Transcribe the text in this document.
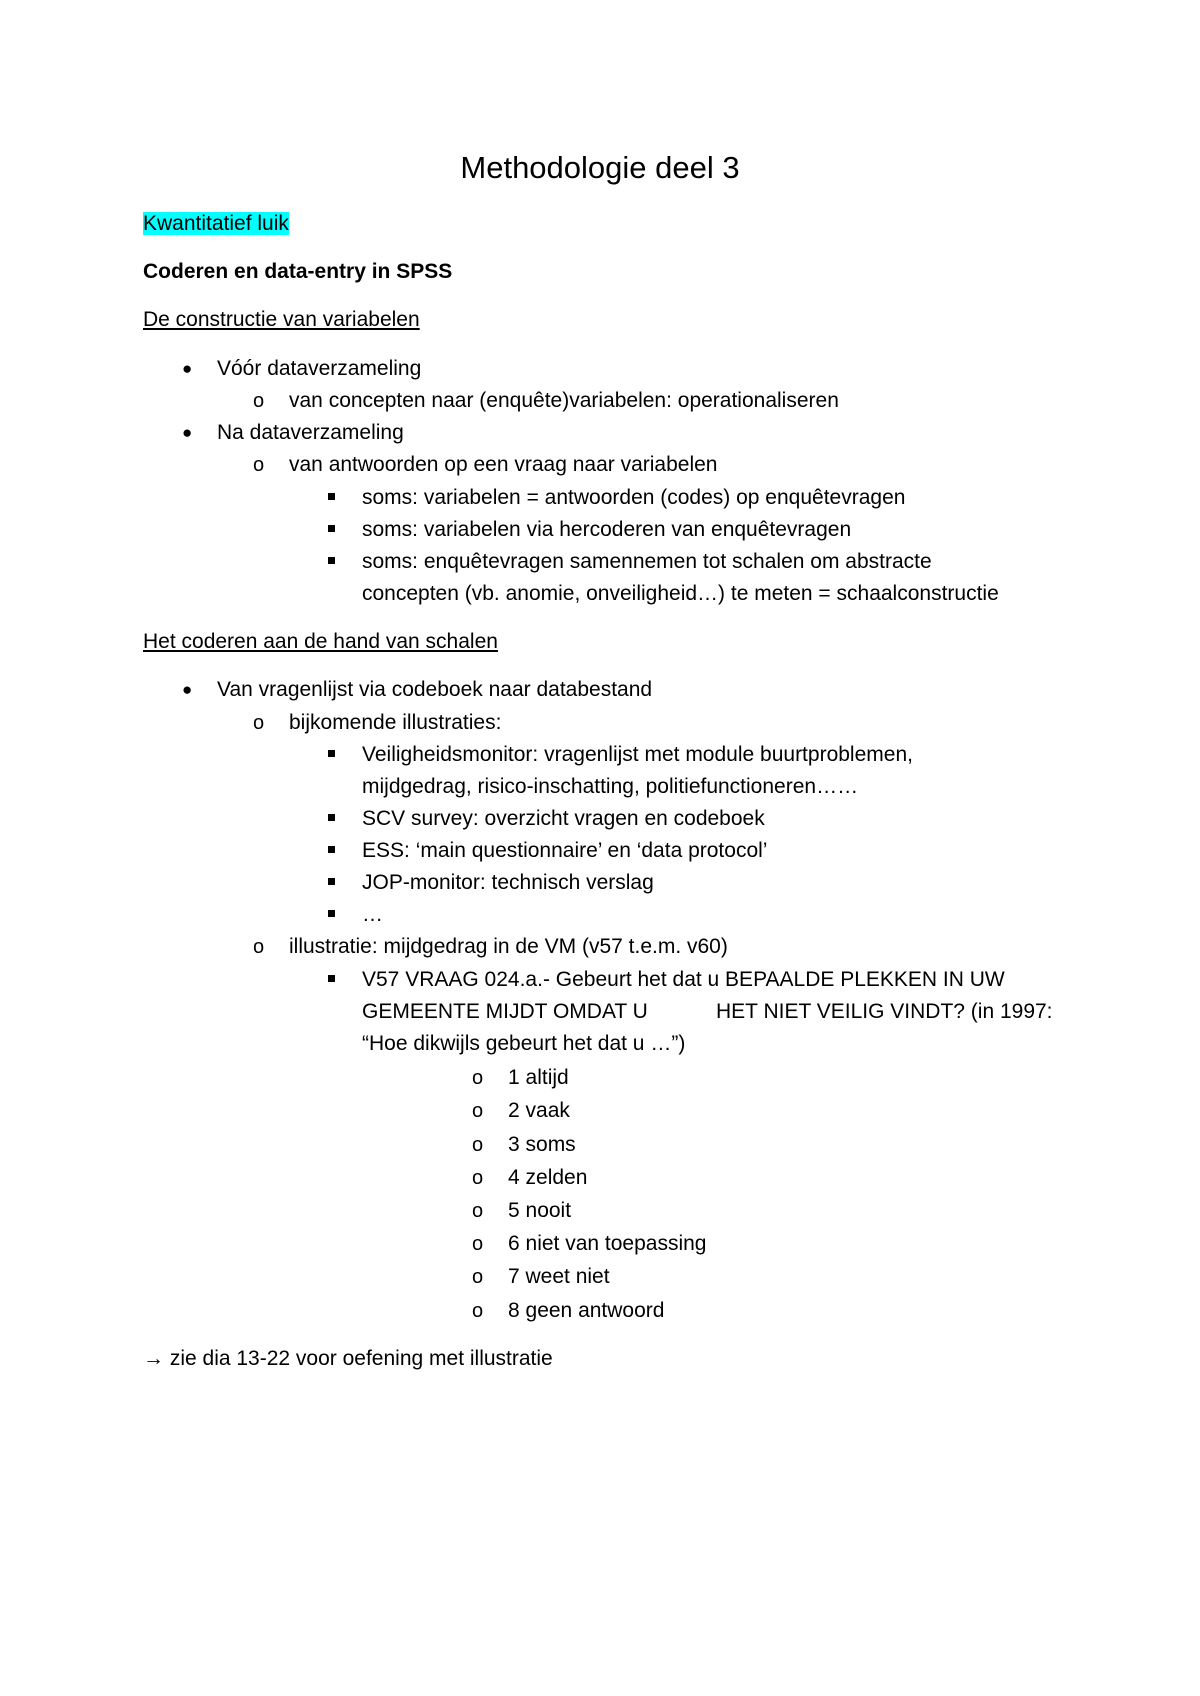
Methodologie deel 3
Kwantitatief luik
Coderen en data-entry in SPSS
De constructie van variabelen
● Vóór dataverzameling
o van concepten naar (enquête)variabelen: operationaliseren
● Na dataverzameling
o van antwoorden op een vraag naar variabelen
soms: variabelen = antwoorden (codes) op enquêtevragen
soms: variabelen via hercoderen van enquêtevragen
soms: enquêtevragen samennemen tot schalen om abstracte
concepten (vb. anomie, onveiligheid…) te meten = schaalconstructie
Het coderen aan de hand van schalen
● Van vragenlijst via codeboek naar databestand
o bijkomende illustraties:
Veiligheidsmonitor: vragenlijst met module buurtproblemen,
mijdgedrag, risico-inschatting, politiefunctioneren……
SCV survey: overzicht vragen en codeboek
ESS: ‘main questionnaire’ en ‘data protocol’
JOP-monitor: technisch verslag
…
o illustratie: mijdgedrag in de VM (v57 t.e.m. v60)
V57 VRAAG 024.a.- Gebeurt het dat u BEPAALDE PLEKKEN IN UW
GEMEENTE MIJDT OMDAT U	HET NIET VEILIG VINDT? (in 1997:
“Hoe dikwijls gebeurt het dat u …”)
o 1 altijd
o 2 vaak
o 3 soms
o 4 zelden
o 5 nooit
o 6 niet van toepassing
o 7 weet niet
o 8 geen antwoord
→ zie dia 13-22 voor oefening met illustratie
